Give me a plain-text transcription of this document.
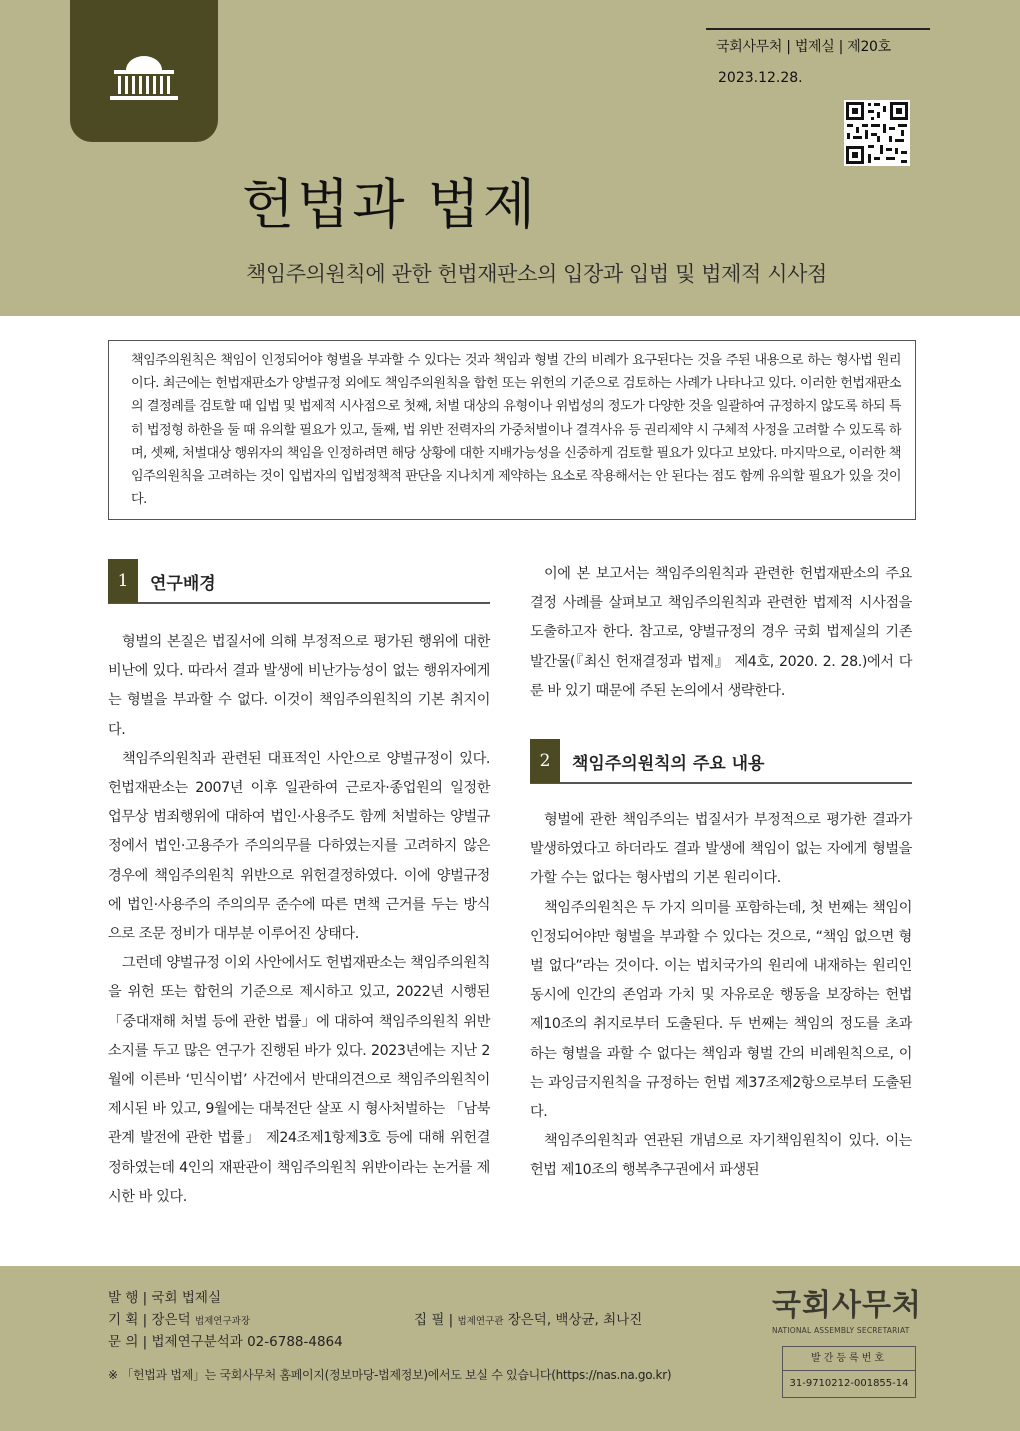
국회사무처 | 법제실 | 제20호
2023.12.28.
헌법과 법제
책임주의원칙에 관한 헌법재판소의 입장과 입법 및 법제적 시사점

책임주의원칙은 책임이 인정되어야 형벌을 부과할 수 있다는 것과 책임과 형벌 간의 비례가 요구된다는 것을 주된 내용으로 하는 형사법 원리이다. 최근에는 헌법재판소가 양벌규정 외에도 책임주의원칙을 합헌 또는 위헌의 기준으로 검토하는 사례가 나타나고 있다. 이러한 헌법재판소의 결정례를 검토할 때 입법 및 법제적 시사점으로 첫째, 처벌 대상의 유형이나 위법성의 정도가 다양한 것을 일괄하여 규정하지 않도록 하되 특히 법정형 하한을 둘 때 유의할 필요가 있고, 둘째, 법 위반 전력자의 가중처벌이나 결격사유 등 권리제약 시 구체적 사정을 고려할 수 있도록 하며, 셋째, 처벌대상 행위자의 책임을 인정하려면 해당 상황에 대한 지배가능성을 신중하게 검토할 필요가 있다고 보았다. 마지막으로, 이러한 책임주의원칙을 고려하는 것이 입법자의 입법정책적 판단을 지나치게 제약하는 요소로 작용해서는 안 된다는 점도 함께 유의할 필요가 있을 것이다.

1	연구배경

형벌의 본질은 법질서에 의해 부정적으로 평가된 행위에 대한 비난에 있다. 따라서 결과 발생에 비난가능성이 없는 행위자에게는 형벌을 부과할 수 없다. 이것이 책임주의원칙의 기본 취지이다.

책임주의원칙과 관련된 대표적인 사안으로 양벌규정이 있다. 헌법재판소는 2007년 이후 일관하여 근로자·종업원의 일정한 업무상 범죄행위에 대하여 법인·사용주도 함께 처벌하는 양벌규정에서 법인·고용주가 주의의무를 다하였는지를 고려하지 않은 경우에 책임주의원칙 위반으로 위헌결정하였다. 이에 양벌규정에 법인·사용주의 주의의무 준수에 따른 면책 근거를 두는 방식으로 조문 정비가 대부분 이루어진 상태다.

그런데 양벌규정 이외 사안에서도 헌법재판소는 책임주의원칙을 위헌 또는 합헌의 기준으로 제시하고 있고, 2022년 시행된 「중대재해 처벌 등에 관한 법률」에 대하여 책임주의원칙 위반 소지를 두고 많은 연구가 진행된 바가 있다. 2023년에는 지난 2월에 이른바 ‘민식이법’ 사건에서 반대의견으로 책임주의원칙이 제시된 바 있고, 9월에는 대북전단 살포 시 형사처벌하는 「남북관계 발전에 관한 법률」 제24조제1항제3호 등에 대해 위헌결정하였는데 4인의 재판관이 책임주의원칙 위반이라는 논거를 제시한 바 있다.

이에 본 보고서는 책임주의원칙과 관련한 헌법재판소의 주요 결정 사례를 살펴보고 책임주의원칙과 관련한 법제적 시사점을 도출하고자 한다. 참고로, 양벌규정의 경우 국회 법제실의 기존 발간물(『최신 헌재결정과 법제』 제4호, 2020. 2. 28.)에서 다룬 바 있기 때문에 주된 논의에서 생략한다.

2	책임주의원칙의 주요 내용

형벌에 관한 책임주의는 법질서가 부정적으로 평가한 결과가 발생하였다고 하더라도 결과 발생에 책임이 없는 자에게 형벌을 가할 수는 없다는 형사법의 기본 원리이다.

책임주의원칙은 두 가지 의미를 포함하는데, 첫 번째는 책임이 인정되어야만 형벌을 부과할 수 있다는 것으로, “책임 없으면 형벌 없다”라는 것이다. 이는 법치국가의 원리에 내재하는 원리인 동시에 인간의 존엄과 가치 및 자유로운 행동을 보장하는 헌법 제10조의 취지로부터 도출된다. 두 번째는 책임의 정도를 초과하는 형벌을 과할 수 없다는 책임과 형벌 간의 비례원칙으로, 이는 과잉금지원칙을 규정하는 헌법 제37조제2항으로부터 도출된다.

책임주의원칙과 연관된 개념으로 자기책임원칙이 있다. 이는 헌법 제10조의 행복추구권에서 파생된

발 행 | 국회 법제실
기 획 | 장은덕 법제연구과장	집 필 | 법제연구관 장은덕, 백상균, 최나진
문 의 | 법제연구분석과 02-6788-4864
※ 「헌법과 법제」는 국회사무처 홈페이지(정보마당-법제정보)에서도 보실 수 있습니다(https://nas.na.go.kr)
국회사무처
NATIONAL ASSEMBLY SECRETARIAT
발간등록번호
31-9710212-001855-14
